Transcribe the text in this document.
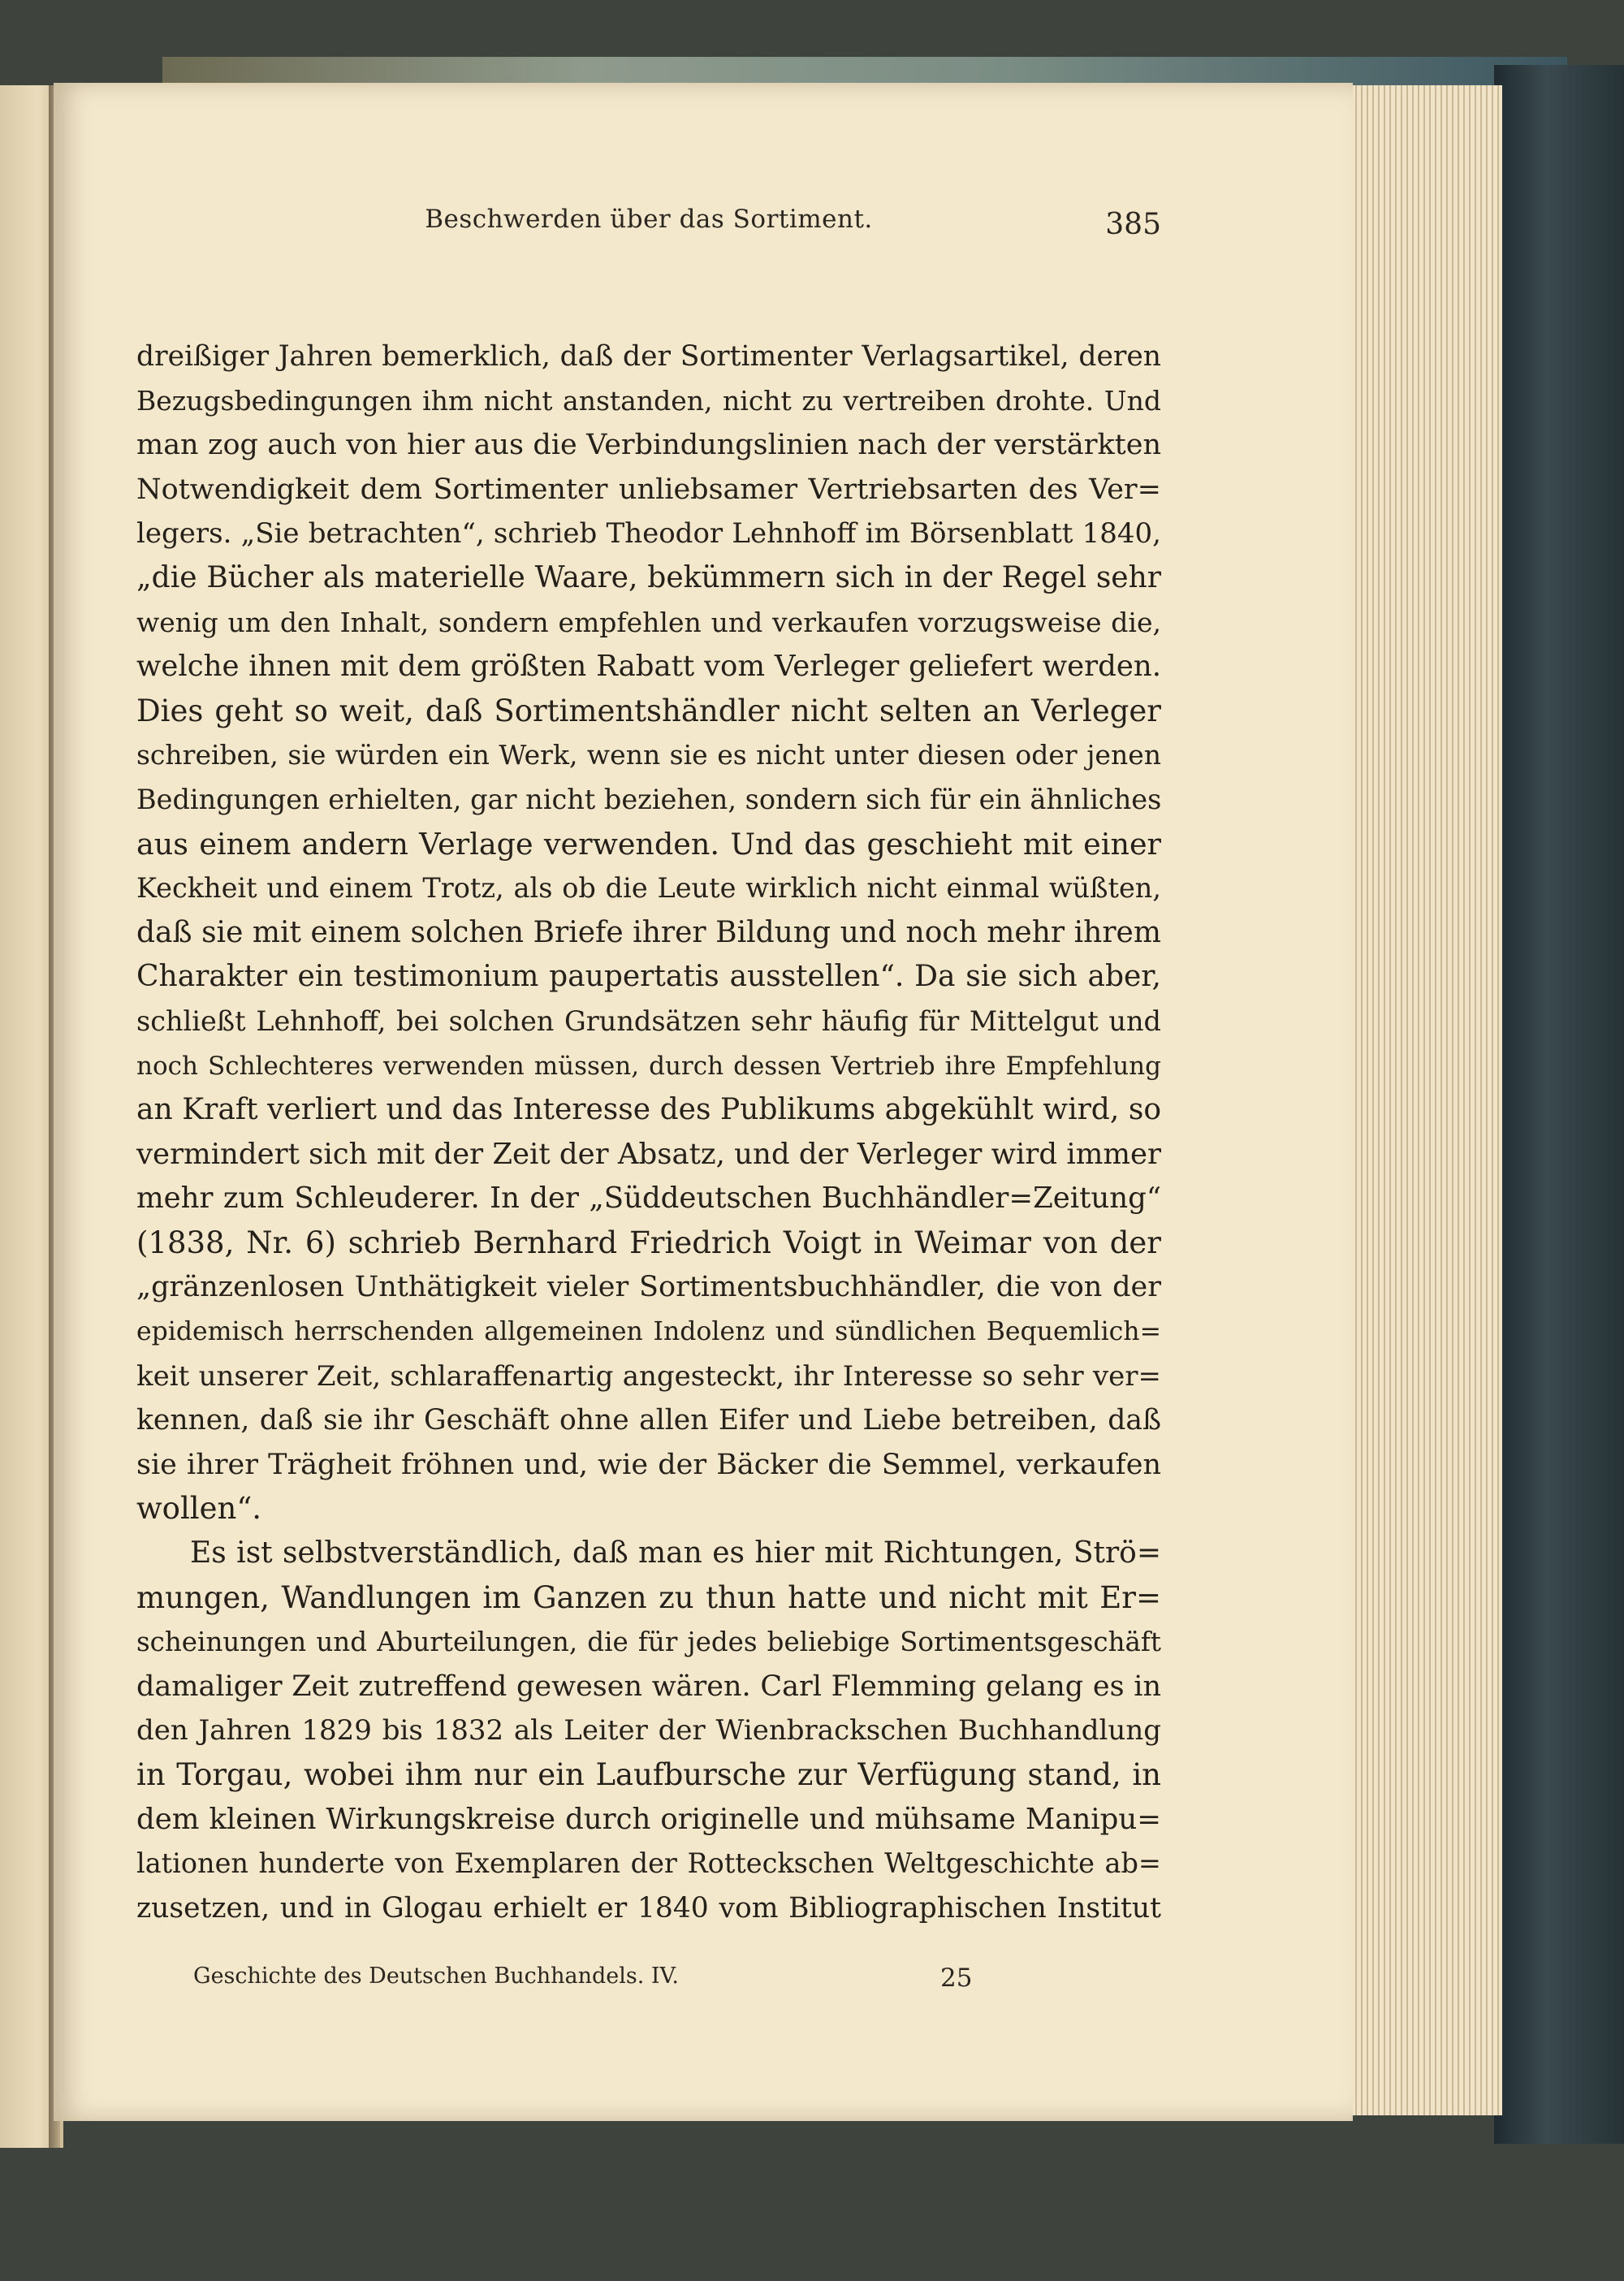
Beschwerden über das Sortiment.	385
dreißiger Jahren bemerklich, daß der Sortimenter Verlagsartikel, deren
Bezugsbedingungen ihm nicht anstanden, nicht zu vertreiben drohte. Und
man zog auch von hier aus die Verbindungslinien nach der verstärkten
Notwendigkeit dem Sortimenter unliebsamer Vertriebsarten des Ver=
legers. „Sie betrachten“, schrieb Theodor Lehnhoff im Börsenblatt 1840,
„die Bücher als materielle Waare, bekümmern sich in der Regel sehr
wenig um den Inhalt, sondern empfehlen und verkaufen vorzugsweise die,
welche ihnen mit dem größten Rabatt vom Verleger geliefert werden.
Dies geht so weit, daß Sortimentshändler nicht selten an Verleger
schreiben, sie würden ein Werk, wenn sie es nicht unter diesen oder jenen
Bedingungen erhielten, gar nicht beziehen, sondern sich für ein ähnliches
aus einem andern Verlage verwenden. Und das geschieht mit einer
Keckheit und einem Trotz, als ob die Leute wirklich nicht einmal wüßten,
daß sie mit einem solchen Briefe ihrer Bildung und noch mehr ihrem
Charakter ein testimonium paupertatis ausstellen“. Da sie sich aber,
schließt Lehnhoff, bei solchen Grundsätzen sehr häufig für Mittelgut und
noch Schlechteres verwenden müssen, durch dessen Vertrieb ihre Empfehlung
an Kraft verliert und das Interesse des Publikums abgekühlt wird, so
vermindert sich mit der Zeit der Absatz, und der Verleger wird immer
mehr zum Schleuderer. In der „Süddeutschen Buchhändler=Zeitung“
(1838, Nr. 6) schrieb Bernhard Friedrich Voigt in Weimar von der
„gränzenlosen Unthätigkeit vieler Sortimentsbuchhändler, die von der
epidemisch herrschenden allgemeinen Indolenz und sündlichen Bequemlich=
keit unserer Zeit, schlaraffenartig angesteckt, ihr Interesse so sehr ver=
kennen, daß sie ihr Geschäft ohne allen Eifer und Liebe betreiben, daß
sie ihrer Trägheit fröhnen und, wie der Bäcker die Semmel, verkaufen
wollen“.
Es ist selbstverständlich, daß man es hier mit Richtungen, Strö=
mungen, Wandlungen im Ganzen zu thun hatte und nicht mit Er=
scheinungen und Aburteilungen, die für jedes beliebige Sortimentsgeschäft
damaliger Zeit zutreffend gewesen wären. Carl Flemming gelang es in
den Jahren 1829 bis 1832 als Leiter der Wienbrackschen Buchhandlung
in Torgau, wobei ihm nur ein Laufbursche zur Verfügung stand, in
dem kleinen Wirkungskreise durch originelle und mühsame Manipu=
lationen hunderte von Exemplaren der Rotteckschen Weltgeschichte ab=
zusetzen, und in Glogau erhielt er 1840 vom Bibliographischen Institut
Geschichte des Deutschen Buchhandels. IV.	25
